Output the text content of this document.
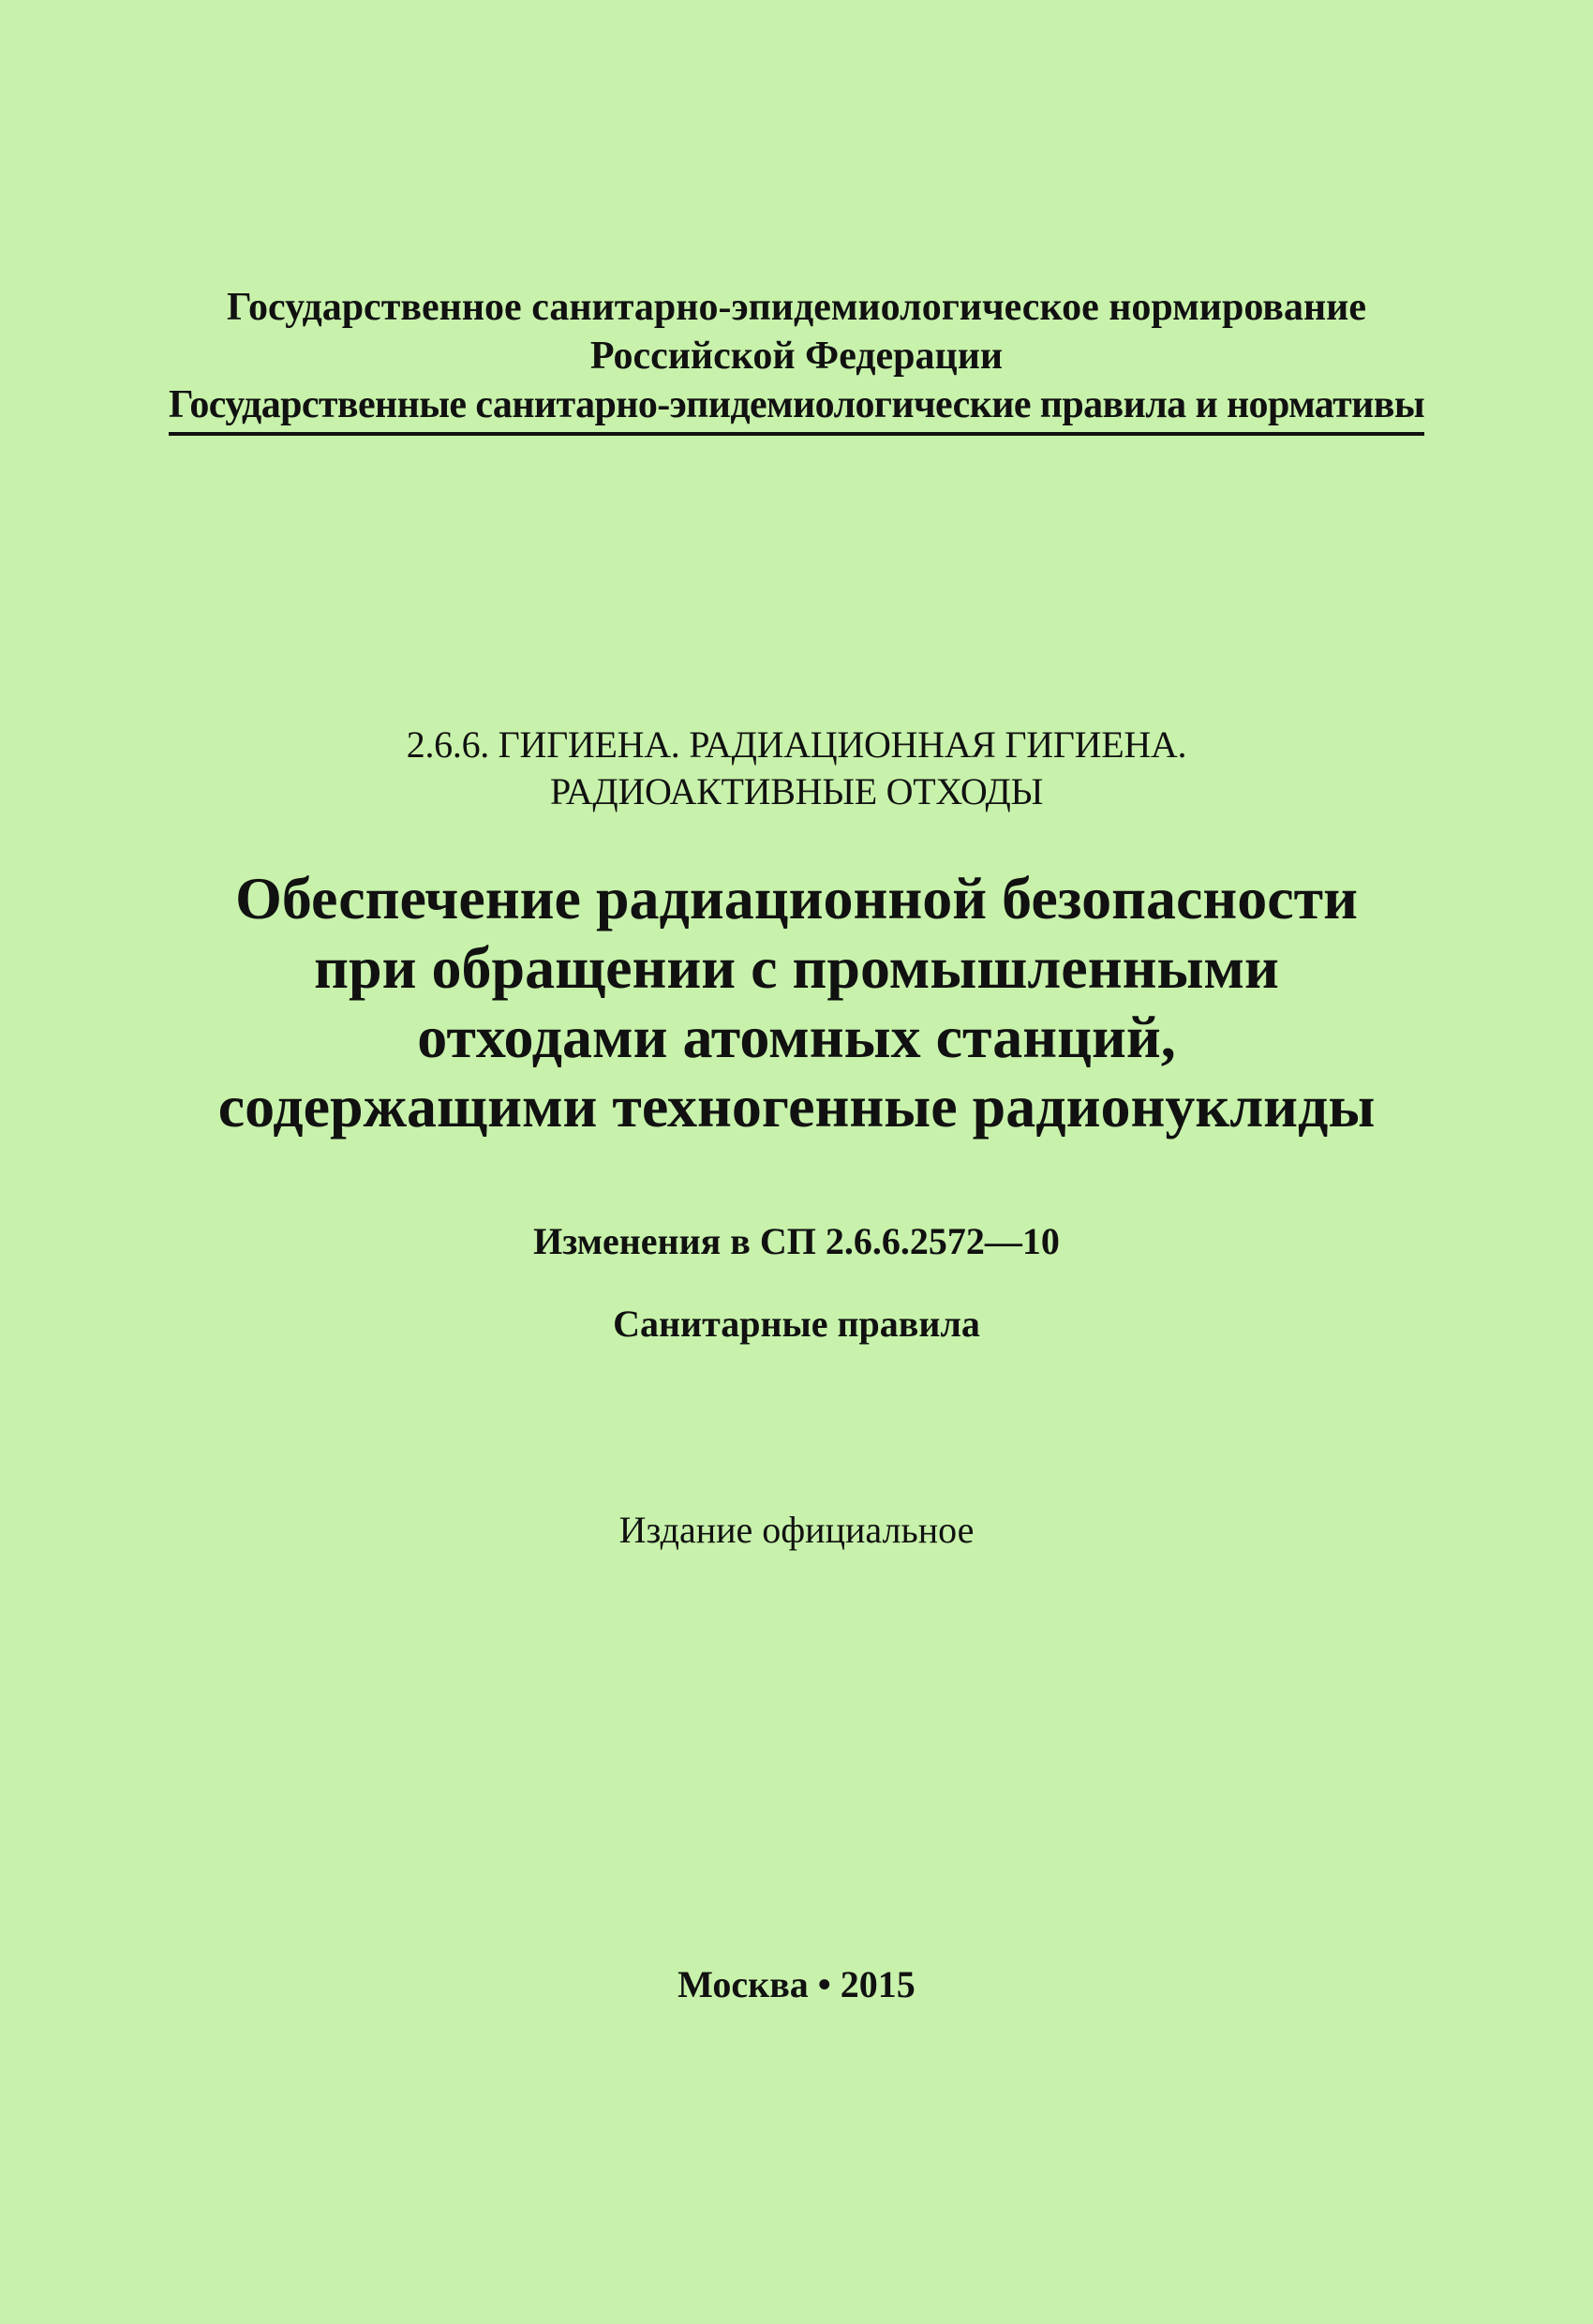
Государственное санитарно-эпидемиологическое нормирование
Российской Федерации
Государственные санитарно-эпидемиологические правила и нормативы
2.6.6. ГИГИЕНА. РАДИАЦИОННАЯ ГИГИЕНА.
РАДИОАКТИВНЫЕ ОТХОДЫ
Обеспечение радиационной безопасности
при обращении с промышленными
отходами атомных станций,
содержащими техногенные радионуклиды
Изменения в СП 2.6.6.2572—10
Санитарные правила
Издание официальное
Москва • 2015
